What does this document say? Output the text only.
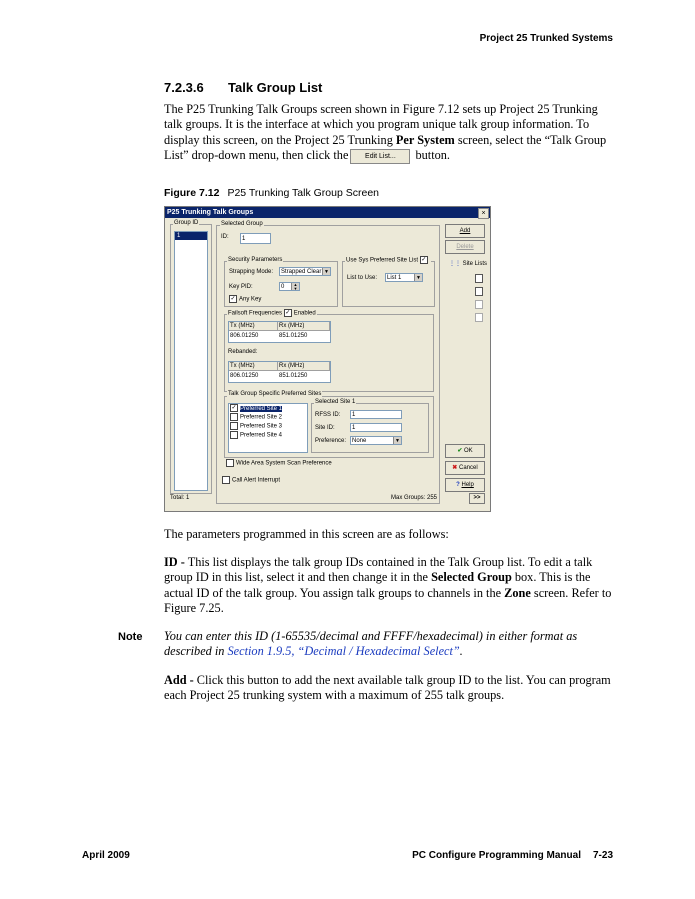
Project 25 Trunked Systems
7.2.3.6 Talk Group List
The P25 Trunking Talk Groups screen shown in Figure 7.12 sets up Project 25 Trunking talk groups. It is the interface at which you program unique talk group information. To display this screen, on the Project 25 Trunking Per System screen, select the “Talk Group List” drop-down menu, then click the Edit List... button.
Figure 7.12 P25 Trunking Talk Group Screen
P25 Trunking Talk Groups	×
Group ID
1
Selected Group
ID:	1
Security Parameters
Strapping Mode:	Strapped Clear ▼
Key PID:	0	▲
▼
✓ Any Key
Use Sys Preferred Site List ✓
List to Use:	List 1	▼
Failsoft Frequencies ✓ Enabled
Tx (MHz)	Rx (MHz)
806.01250	851.01250
Rebanded:
Tx (MHz)	Rx (MHz)
806.01250	851.01250
Talk Group Specific Preferred Sites
✓ Preferred Site 1
Preferred Site 2
Preferred Site 3
Preferred Site 4
Selected Site 1
RFSS ID:	1
Site ID:	1
Preference: None	▼
Wide Area System Scan Preference
Call Alert Interrupt
Add
Delete
⋮⋮ Site Lists
✔ OK
✖ Cancel
? Help
Total: 1	Max Groups: 255	>>
The parameters programmed in this screen are as follows:
ID - This list displays the talk group IDs contained in the Talk Group list. To edit a talk group ID in this list, select it and then change it in the Selected Group box. This is the actual ID of the talk group. You assign talk groups to channels in the Zone screen. Refer to Figure 7.25.
Note You can enter this ID (1-65535/decimal and FFFF/hexadecimal) in either format as described in Section 1.9.5, “Decimal / Hexadecimal Select”.
Add - Click this button to add the next available talk group ID to the list. You can program each Project 25 trunking system with a maximum of 255 talk groups.
April 2009	PC Configure Programming Manual 7-23
